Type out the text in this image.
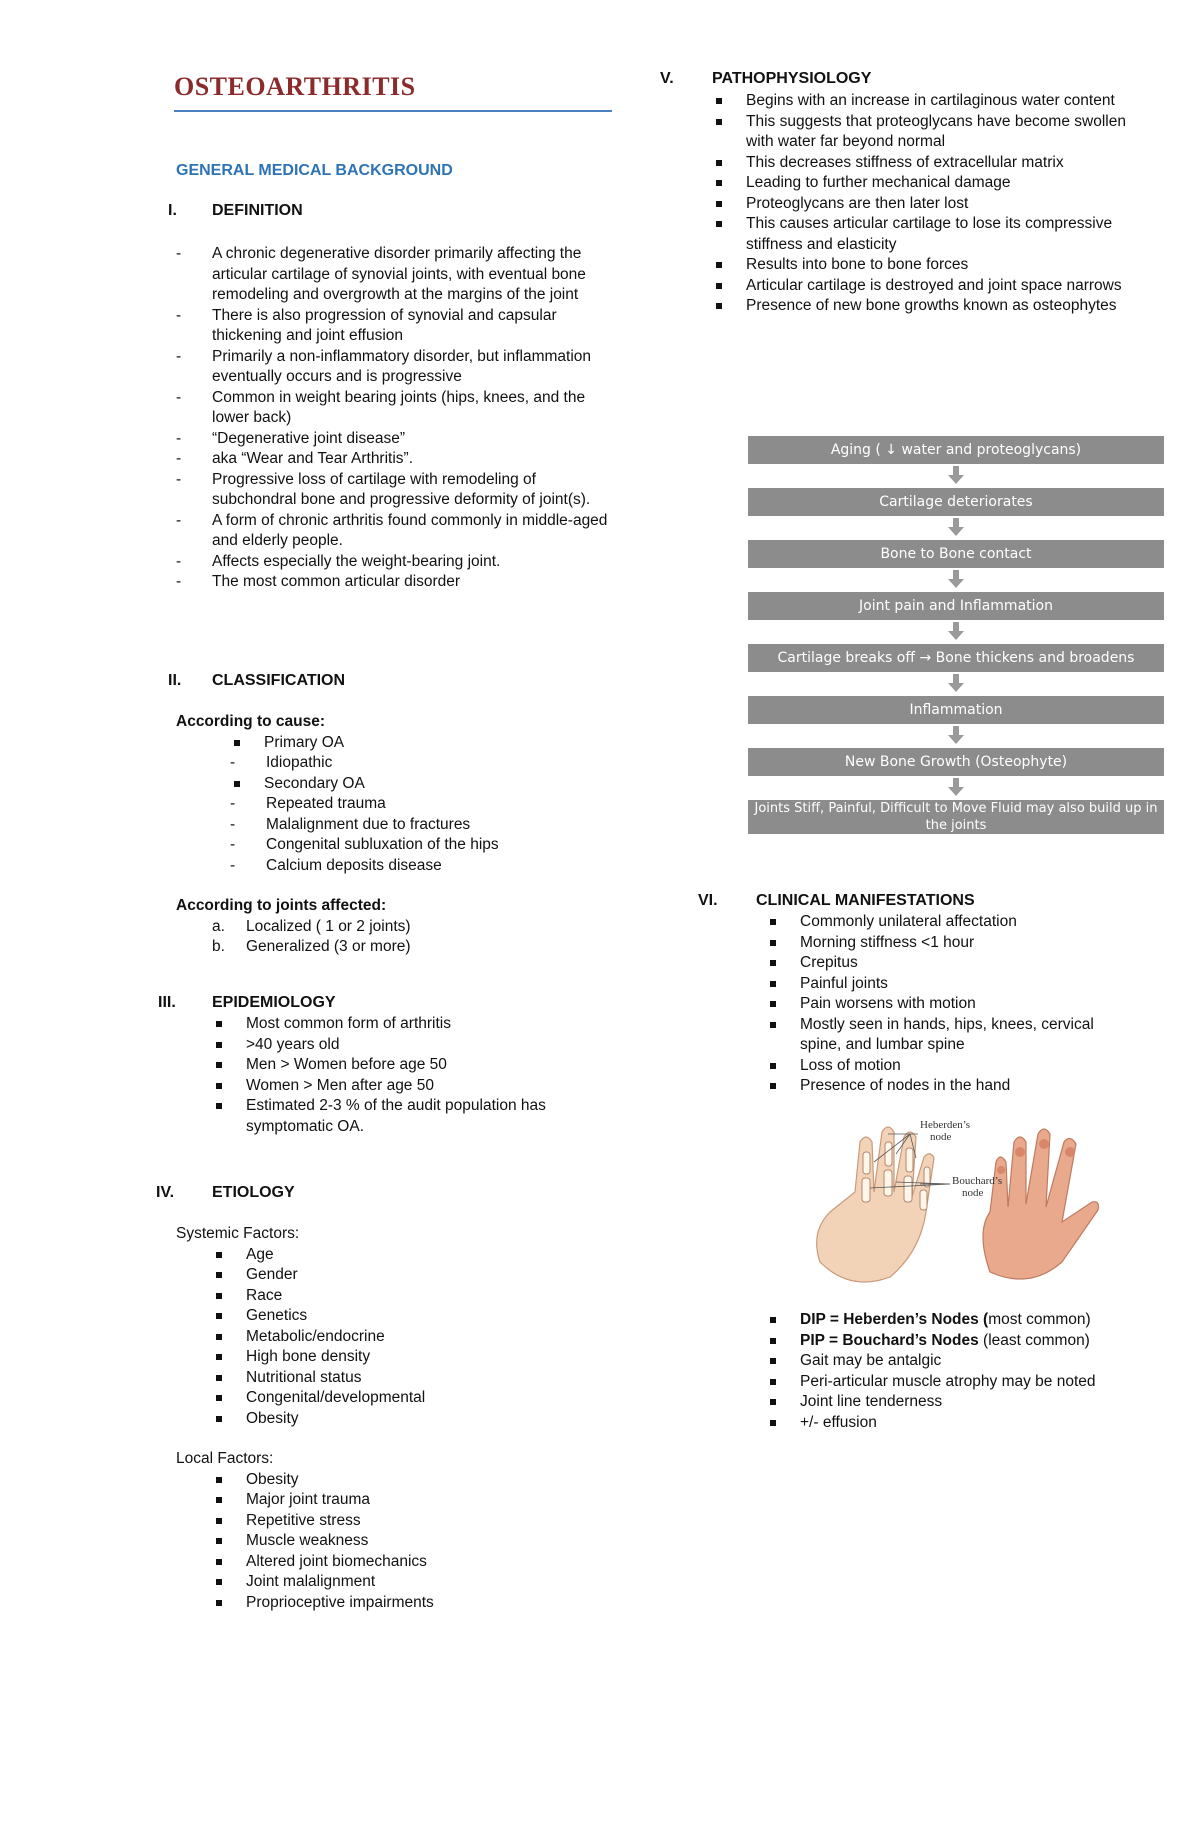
OSTEOARTHRITIS
GENERAL MEDICAL BACKGROUND
I. DEFINITION
- A chronic degenerative disorder primarily affecting the articular cartilage of synovial joints, with eventual bone remodeling and overgrowth at the margins of the joint
- There is also progression of synovial and capsular thickening and joint effusion
- Primarily a non-inflammatory disorder, but inflammation eventually occurs and is progressive
- Common in weight bearing joints (hips, knees, and the lower back)
- “Degenerative joint disease”
- aka “Wear and Tear Arthritis”.
- Progressive loss of cartilage with remodeling of subchondral bone and progressive deformity of joint(s).
- A form of chronic arthritis found commonly in middle-aged and elderly people.
- Affects especially the weight-bearing joint.
- The most common articular disorder
II. CLASSIFICATION
According to cause:
Primary OA
- Idiopathic
Secondary OA
- Repeated trauma
- Malalignment due to fractures
- Congenital subluxation of the hips
- Calcium deposits disease
According to joints affected:
a. Localized ( 1 or 2 joints)
b. Generalized (3 or more)
III. EPIDEMIOLOGY
Most common form of arthritis
>40 years old
Men > Women before age 50
Women > Men after age 50
Estimated 2-3 % of the audit population has symptomatic OA.
IV. ETIOLOGY
Systemic Factors:
Age
Gender
Race
Genetics
Metabolic/endocrine
High bone density
Nutritional status
Congenital/developmental
Obesity
Local Factors:
Obesity
Major joint trauma
Repetitive stress
Muscle weakness
Altered joint biomechanics
Joint malalignment
Proprioceptive impairments
V. PATHOPHYSIOLOGY
Begins with an increase in cartilaginous water content
This suggests that proteoglycans have become swollen with water far beyond normal
This decreases stiffness of extracellular matrix
Leading to further mechanical damage
Proteoglycans are then later lost
This causes articular cartilage to lose its compressive stiffness and elasticity
Results into bone to bone forces
Articular cartilage is destroyed and joint space narrows
Presence of new bone growths known as osteophytes
Aging ( ↓ water and proteoglycans)
Cartilage deteriorates
Bone to Bone contact
Joint pain and Inflammation
Cartilage breaks off → Bone thickens and broadens
Inflammation
New Bone Growth (Osteophyte)
Joints Stiff, Painful, Difficult to Move Fluid may also build up in the joints
VI. CLINICAL MANIFESTATIONS
Commonly unilateral affectation
Morning stiffness <1 hour
Crepitus
Painful joints
Pain worsens with motion
Mostly seen in hands, hips, knees, cervical spine, and lumbar spine
Loss of motion
Presence of nodes in the hand
Heberden’s
node
Bouchard’s
node
DIP = Heberden’s Nodes (most common)
PIP = Bouchard’s Nodes (least common)
Gait may be antalgic
Peri-articular muscle atrophy may be noted
Joint line tenderness
+/- effusion
